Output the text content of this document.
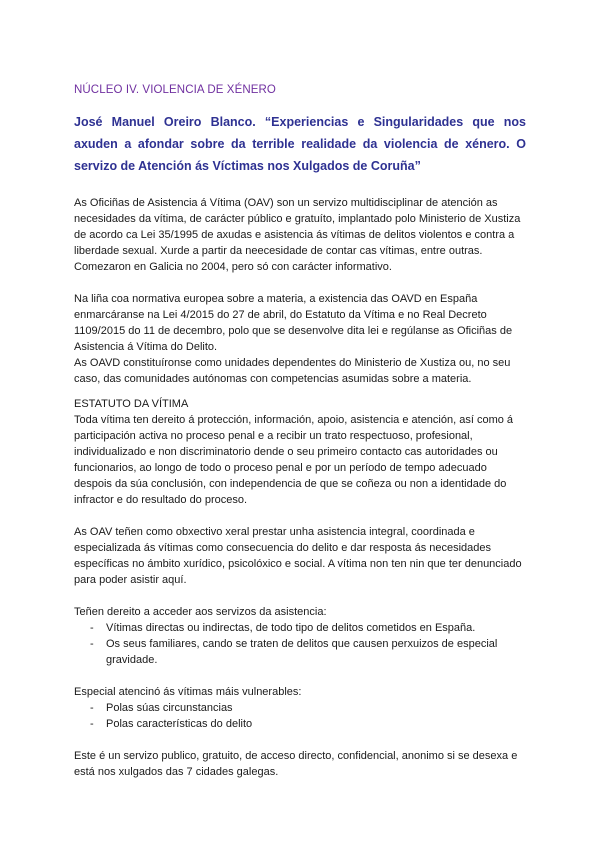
NÚCLEO IV. VIOLENCIA DE XÉNERO

José Manuel Oreiro Blanco. “Experiencias e Singularidades que nos axuden a afondar sobre da terrible realidade da violencia de xénero. O servizo de Atención ás Víctimas nos Xulgados de Coruña”

As Oficiñas de Asistencia á Vítima (OAV) son un servizo multidisciplinar de atención as necesidades da vítima, de carácter público e gratuíto, implantado polo Ministerio de Xustiza de acordo ca Lei 35/1995 de axudas e asistencia ás vítimas de delitos violentos e contra a liberdade sexual. Xurde a partir da neecesidade de contar cas vítimas, entre outras. Comezaron en Galicia no 2004, pero só con carácter informativo.

Na liña coa normativa europea sobre a materia, a existencia das OAVD en España enmarcáranse na Lei 4/2015 do 27 de abril, do Estatuto da Vítima e no Real Decreto 1109/2015 do 11 de decembro, polo que se desenvolve dita lei e regúlanse as Oficiñas de Asistencia á Vítima do Delito.

As OAVD constituíronse como unidades dependentes do Ministerio de Xustiza ou, no seu caso, das comunidades autónomas con competencias asumidas sobre a materia.

ESTATUTO DA VÍTIMA

Toda vítima ten dereito á protección, información, apoio, asistencia e atención, así como á participación activa no proceso penal e a recibir un trato respectuoso, profesional, individualizado e non discriminatorio dende o seu primeiro contacto cas autoridades ou funcionarios, ao longo de todo o proceso penal e por un período de tempo adecuado despois da súa conclusión, con independencia de que se coñeza ou non a identidade do infractor e do resultado do proceso.

As OAV teñen como obxectivo xeral prestar unha asistencia integral, coordinada e especializada ás vítimas como consecuencia do delito e dar resposta ás necesidades específicas no ámbito xurídico, psicolóxico e social. A vítima non ten nin que ter denunciado para poder asistir aquí.

Teñen dereito a acceder aos servizos da asistencia:

- Vítimas directas ou indirectas, de todo tipo de delitos cometidos en España.
- Os seus familiares, cando se traten de delitos que causen perxuizos de especial gravidade.

Especial atencinó ás vítimas máis vulnerables:

- Polas súas circunstancias
- Polas características do delito

Este é un servizo publico, gratuito, de acceso directo, confidencial, anonimo si se desexa e está nos xulgados das 7 cidades galegas.
